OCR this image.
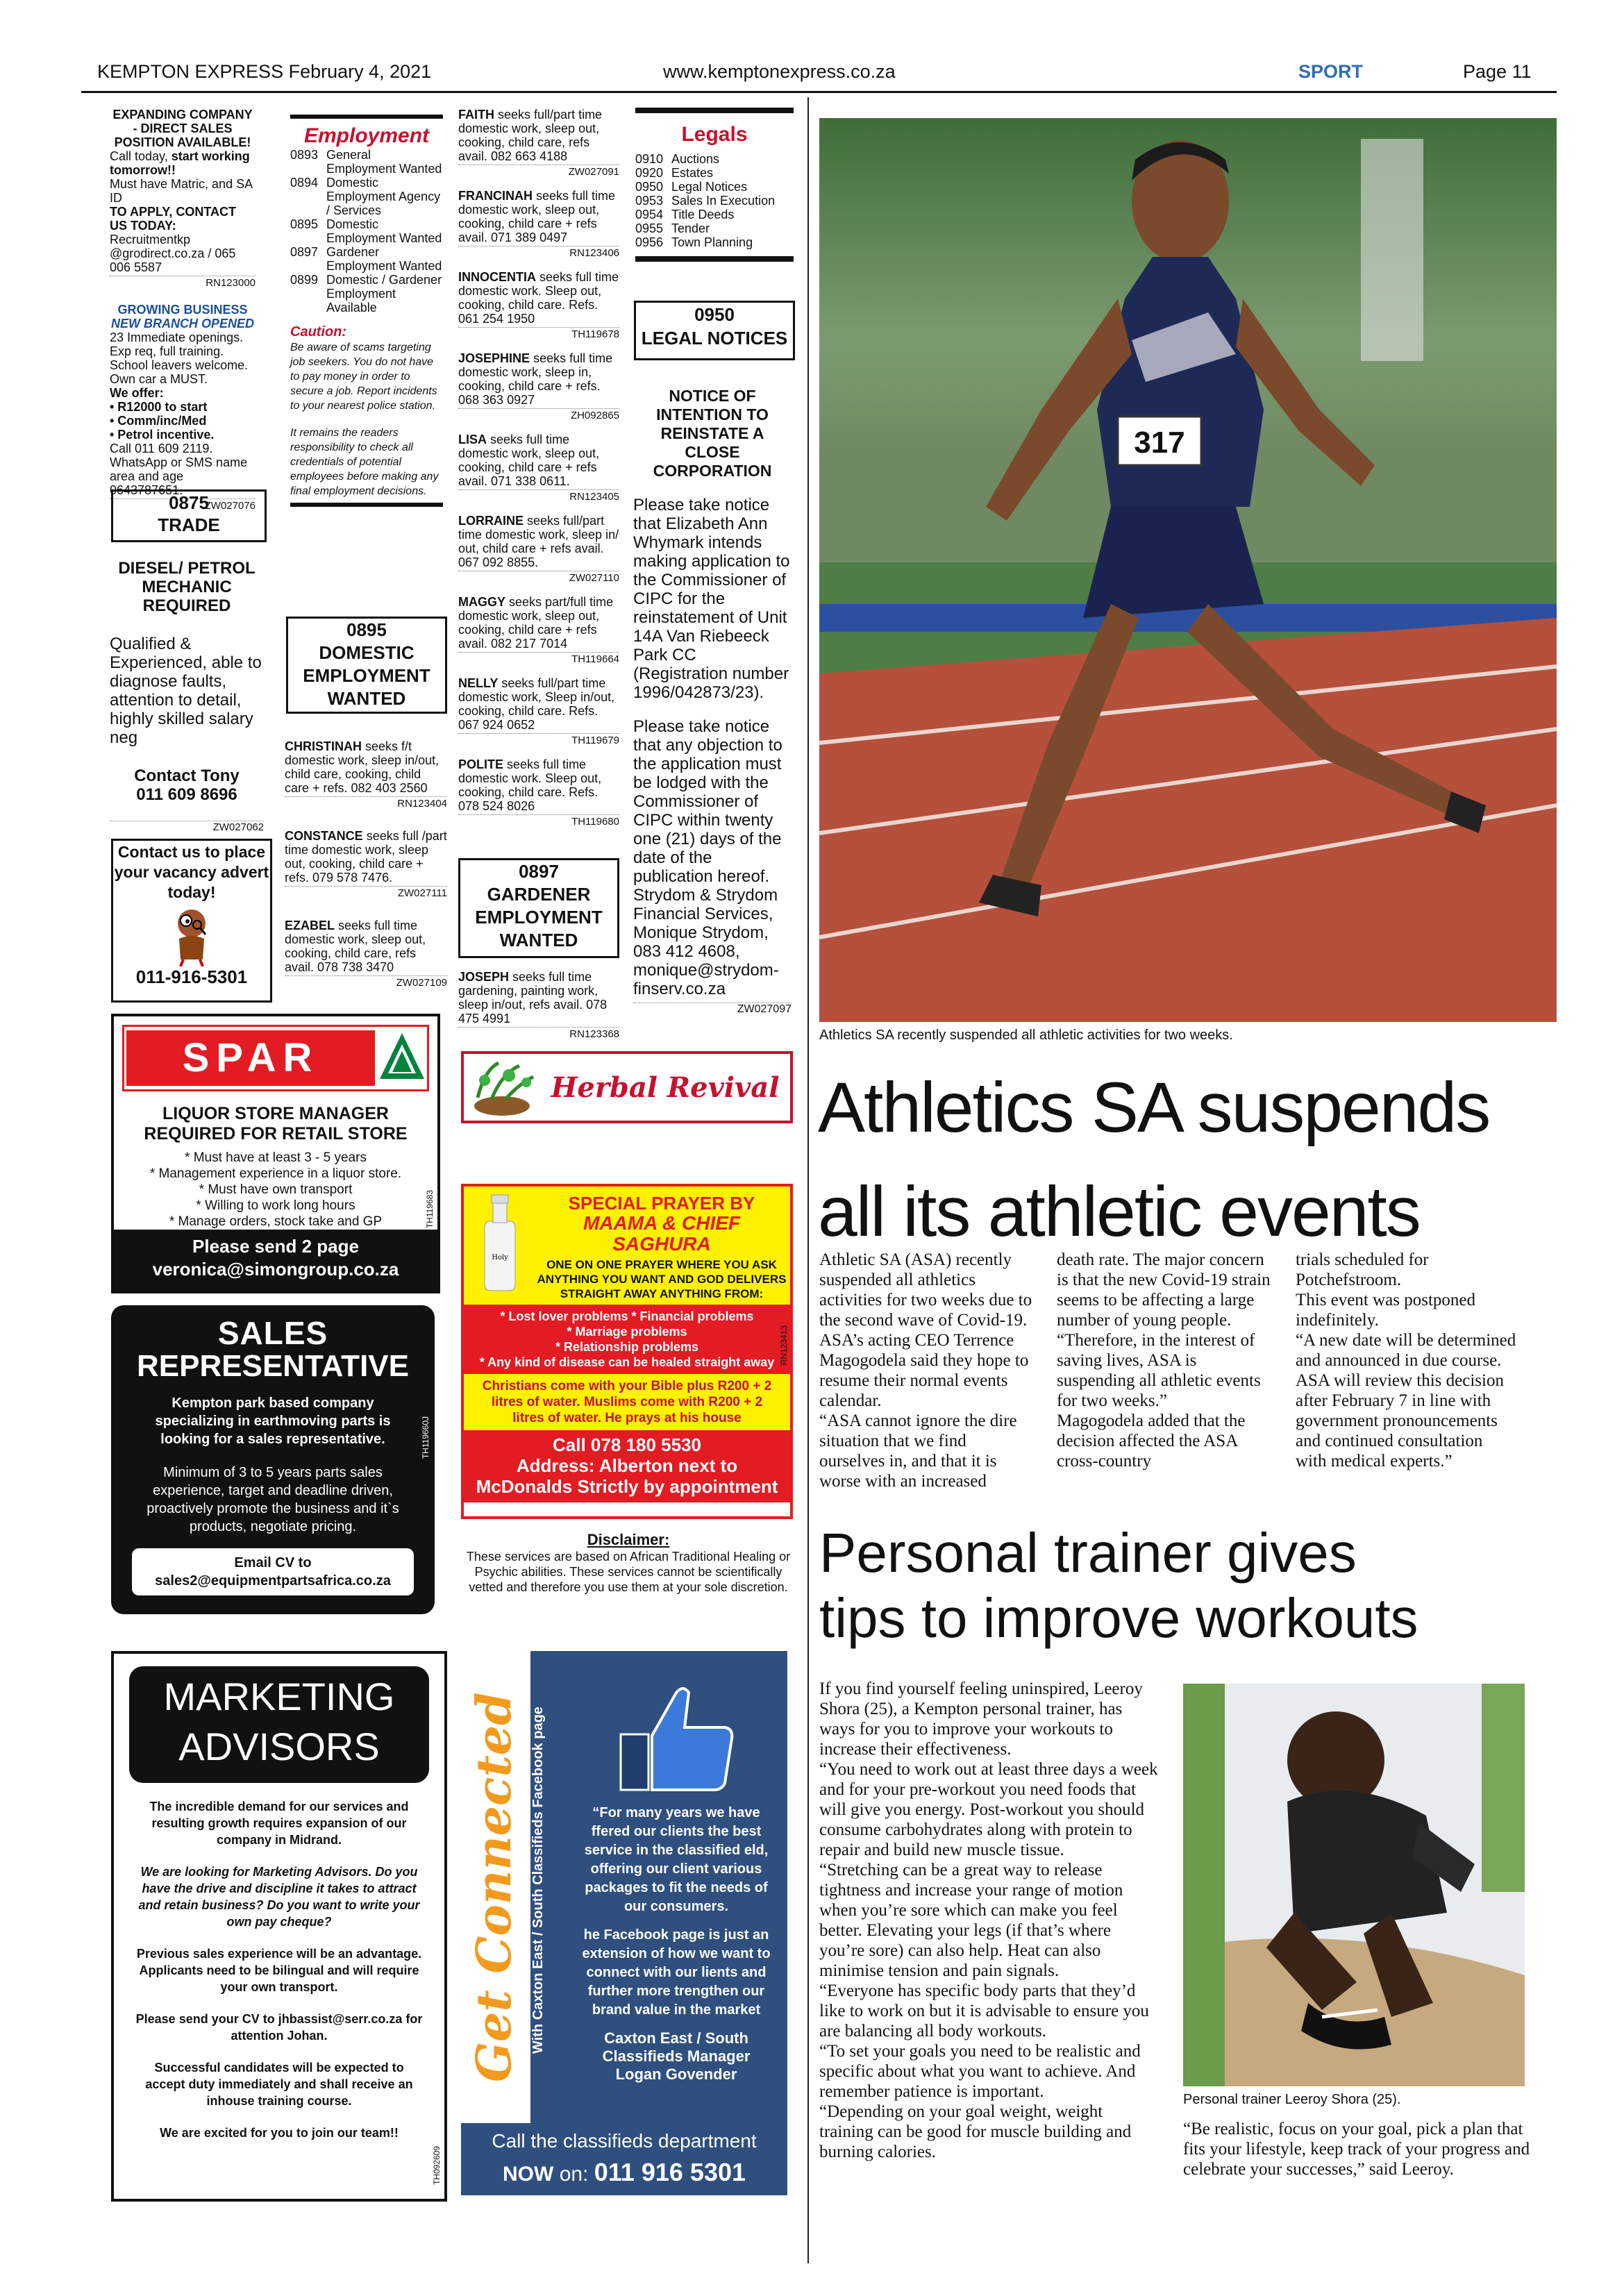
KEMPTON EXPRESS February 4, 2021	www.kemptonexpress.co.za	SPORT	Page 11
EXPANDING COMPANY - DIRECT SALES POSITION AVAILABLE!
Call today, start working tomorrow!!
Must have Matric, and SA ID
TO APPLY, CONTACT US TODAY: Recruitmentkp @grodirect.co.za / 065 006 5587
RN123000
GROWING BUSINESS
NEW BRANCH OPENED
23 Immediate openings. Exp req, full training. School leavers welcome. Own car a MUST.
We offer:
• R12000 to start
• Comm/inc/Med
• Petrol incentive.
Call 011 609 2119. WhatsApp or SMS name area and age 0643787651.
ZW027076
0875
TRADE
DIESEL/ PETROL MECHANIC REQUIRED
Qualified & Experienced, able to diagnose faults, attention to detail, highly skilled salary neg
Contact Tony
011 609 8696
ZW027062
Contact us to place your vacancy advert today!
011-916-5301
Employment
0893 General Employment Wanted
0894 Domestic Employment Agency / Services
0895 Domestic Employment Wanted
0897 Gardener Employment Wanted
0899 Domestic / Gardener Employment Available
Caution:
Be aware of scams targeting job seekers. You do not have to pay money in order to secure a job. Report incidents to your nearest police station.
It remains the readers responsibility to check all credentials of potential employees before making any final employment decisions.
0895
DOMESTIC EMPLOYMENT WANTED
CHRISTINAH seeks f/t domestic work, sleep in/out, child care, cooking, child care + refs. 082 403 2560
RN123404
CONSTANCE seeks full /part time domestic work, sleep out, cooking, child care + refs. 079 578 7476.
ZW027111
EZABEL seeks full time domestic work, sleep out, cooking, child care, refs avail. 078 738 3470
ZW027109
FAITH seeks full/part time domestic work, sleep out, cooking, child care, refs avail. 082 663 4188
ZW027091
FRANCINAH seeks full time domestic work, sleep out, cooking, child care + refs avail. 071 389 0497
RN123406
INNOCENTIA seeks full time domestic work. Sleep out, cooking, child care. Refs. 061 254 1950
TH119678
JOSEPHINE seeks full time domestic work, sleep in, cooking, child care + refs. 068 363 0927
ZH092865
LISA seeks full time domestic work, sleep out, cooking, child care + refs avail. 071 338 0611.
RN123405
LORRAINE seeks full/part time domestic work, sleep in/ out, child care + refs avail. 067 092 8855.
ZW027110
MAGGY seeks part/full time domestic work, sleep out, cooking, child care + refs avail. 082 217 7014
TH119664
NELLY seeks full/part time domestic work, Sleep in/out, cooking, child care. Refs. 067 924 0652
TH119679
POLITE seeks full time domestic work. Sleep out, cooking, child care. Refs. 078 524 8026
TH119680
0897
GARDENER EMPLOYMENT WANTED
JOSEPH seeks full time gardening, painting work, sleep in/out, refs avail. 078 475 4991
RN123368
Legals
0910 Auctions
0920 Estates
0950 Legal Notices
0953 Sales In Execution
0954 Title Deeds
0955 Tender
0956 Town Planning
0950
LEGAL NOTICES
NOTICE OF INTENTION TO REINSTATE A CLOSE CORPORATION
Please take notice that Elizabeth Ann Whymark intends making application to the Commissioner of CIPC for the reinstatement of Unit 14A Van Riebeeck Park CC (Registration number 1996/042873/23).
Please take notice that any objection to the application must be lodged with the Commissioner of CIPC within twenty one (21) days of the date of the publication hereof. Strydom & Strydom Financial Services, Monique Strydom, 083 412 4608, monique@strydom-finserv.co.za
ZW027097
SPAR
LIQUOR STORE MANAGER
REQUIRED FOR RETAIL STORE
* Must have at least 3 - 5 years
* Management experience in a liquor store.
* Must have own transport
* Willing to work long hours
* Manage orders, stock take and GP
Please send 2 page
veronica@simongroup.co.za
TH119683
SALES
REPRESENTATIVE
Kempton park based company specializing in earthmoving parts is looking for a sales representative.
Minimum of 3 to 5 years parts sales experience, target and deadline driven, proactively promote the business and it`s products, negotiate pricing.
Email CV to
sales2@equipmentpartsafrica.co.za
TH119660J
MARKETING
ADVISORS
The incredible demand for our services and resulting growth requires expansion of our company in Midrand.
We are looking for Marketing Advisors. Do you have the drive and discipline it takes to attract and retain business? Do you want to write your own pay cheque?
Previous sales experience will be an advantage. Applicants need to be bilingual and will require your own transport.
Please send your CV to jhbassist@serr.co.za for attention Johan.
Successful candidates will be expected to accept duty immediately and shall receive an inhouse training course.
We are excited for you to join our team!!
TH092609
Herbal Revival
Holy
SPECIAL PRAYER BY
MAAMA & CHIEF SAGHURA
ONE ON ONE PRAYER WHERE YOU ASK ANYTHING YOU WANT AND GOD DELIVERS STRAIGHT AWAY ANYTHING FROM:
* Lost lover problems * Financial problems
* Marriage problems
* Relationship problems
* Any kind of disease can be healed straight away
Christians come with your Bible plus R200 + 2 litres of water. Muslims come with R200 + 2 litres of water. He prays at his house
Call 078 180 5530
Address: Alberton next to McDonalds Strictly by appointment
RN123413
Disclaimer:
These services are based on African Traditional Healing or Psychic abilities. These services cannot be scientifically vetted and therefore you use them at your sole discretion.
Get Connected With Caxton East / South Classifieds Facebook page	“For many years we have ffered our clients the best service in the classified eld, offering our client various packages to fit the needs of our consumers.
he Facebook page is just an extension of how we want to connect with our lients and further more trengthen our brand value in the market
Caxton East / South
Classifieds Manager
Logan Govender
Call the classifieds department
NOW on: 011 916 5301
317
Athletics SA recently suspended all athletic activities for two weeks.
Athletics SA suspends
all its athletic events
Athletic SA (ASA) recently suspended all athletics activities for two weeks due to the second wave of Covid-19.
ASA’s acting CEO Terrence Magogodela said they hope to resume their normal events calendar.
“ASA cannot ignore the dire situation that we find ourselves in, and that it is worse with an increased
death rate. The major concern is that the new Covid-19 strain seems to be affecting a large number of young people.
“Therefore, in the interest of saving lives, ASA is suspending all athletic events for two weeks.”
Magogodela added that the decision affected the ASA cross-country
trials scheduled for Potchefstroom.
This event was postponed indefinitely.
“A new date will be determined and announced in due course. ASA will review this decision after February 7 in line with government pronouncements and continued consultation with medical experts.”
Personal trainer gives
tips to improve workouts
If you find yourself feeling uninspired, Leeroy Shora (25), a Kempton personal trainer, has ways for you to improve your workouts to increase their effectiveness.
“You need to work out at least three days a week and for your pre-workout you need foods that will give you energy. Post-workout you should consume carbohydrates along with protein to repair and build new muscle tissue.
“Stretching can be a great way to release tightness and increase your range of motion when you’re sore which can make you feel better. Elevating your legs (if that’s where you’re sore) can also help. Heat can also minimise tension and pain signals.
“Everyone has specific body parts that they’d like to work on but it is advisable to ensure you are balancing all body workouts.
“To set your goals you need to be realistic and specific about what you want to achieve. And remember patience is important.
“Depending on your goal weight, weight training can be good for muscle building and burning calories.
Personal trainer Leeroy Shora (25).
“Be realistic, focus on your goal, pick a plan that fits your lifestyle, keep track of your progress and celebrate your successes,” said Leeroy.
